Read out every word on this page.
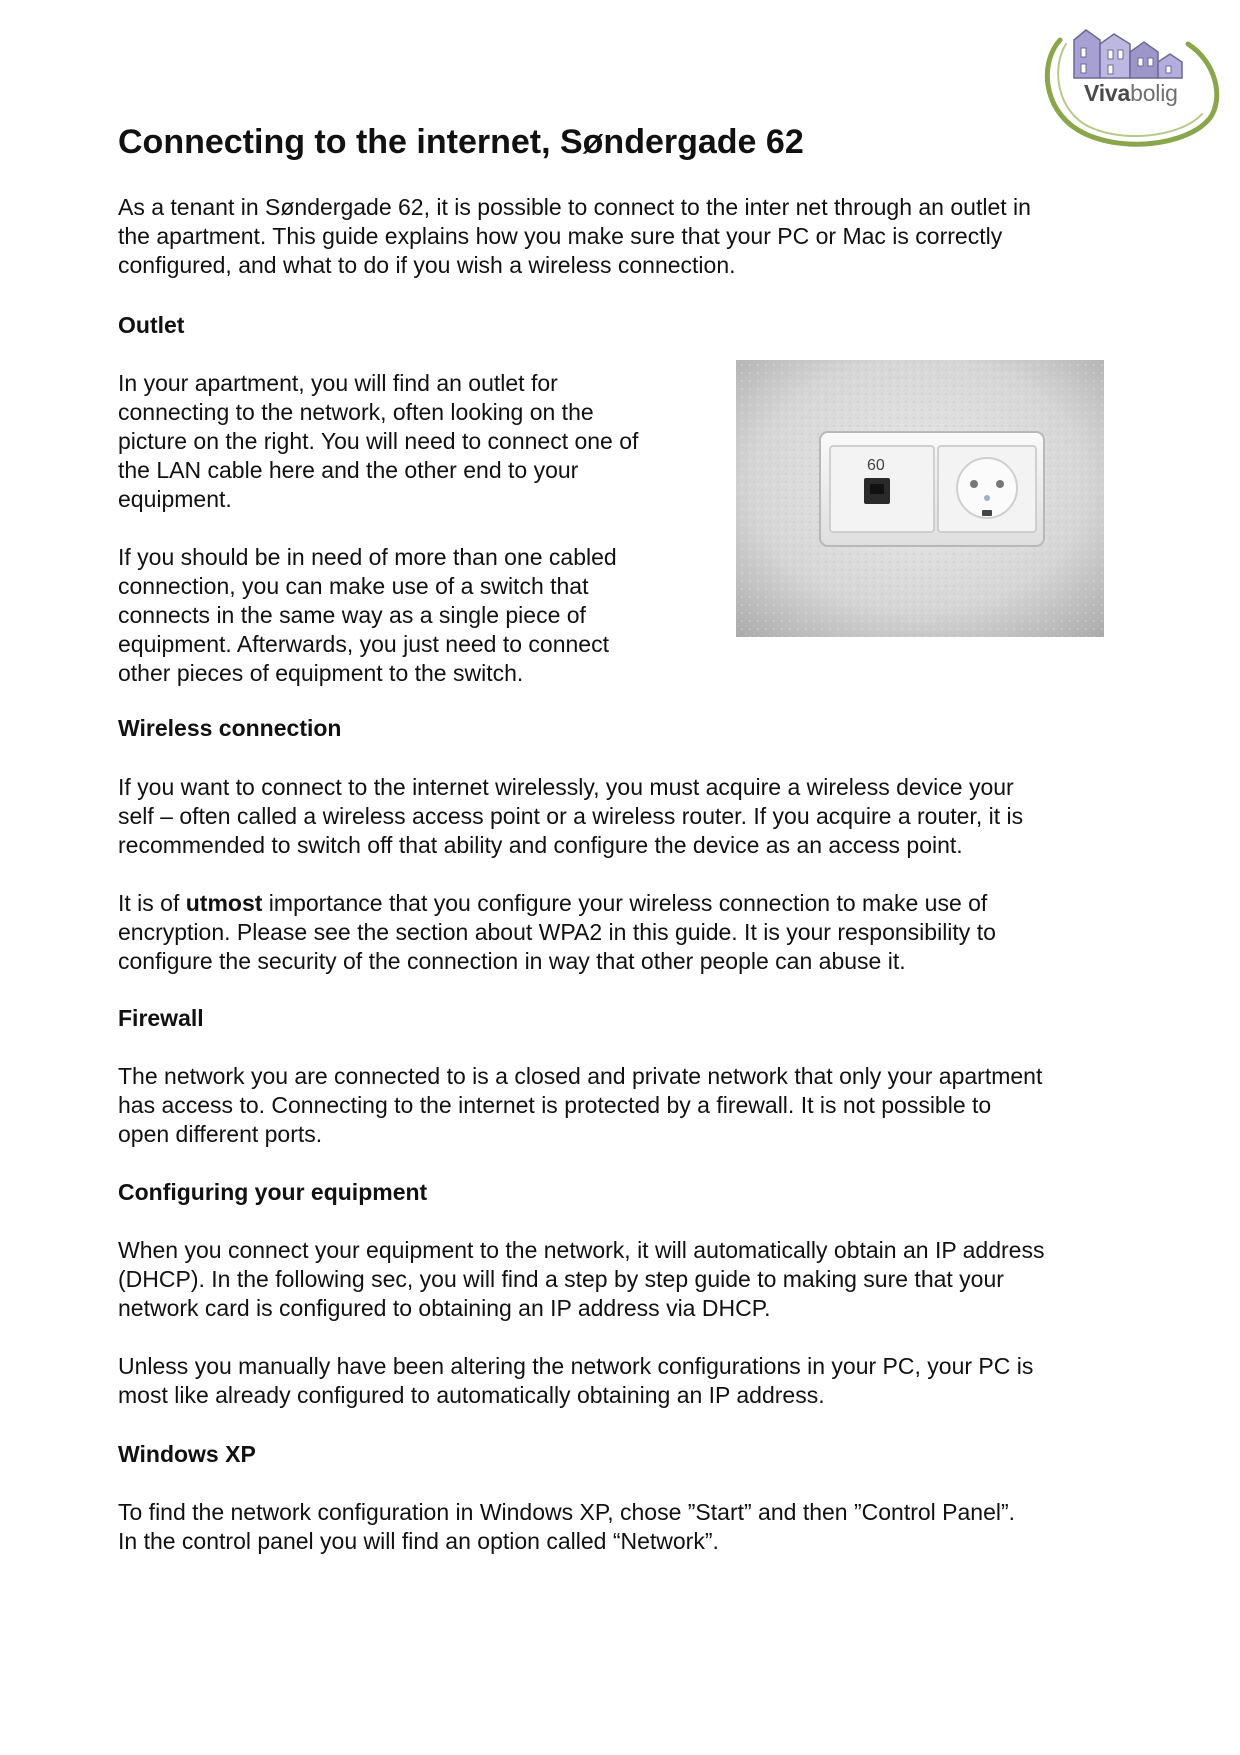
Vivabolig
Connecting to the internet, Søndergade 62

As a tenant in Søndergade 62, it is possible to connect to the inter net through an outlet in
the apartment. This guide explains how you make sure that your PC or Mac is correctly
configured, and what to do if you wish a wireless connection.

Outlet

In your apartment, you will find an outlet for
connecting to the network, often looking on the
picture on the right. You will need to connect one of
the LAN cable here and the other end to your
equipment.

If you should be in need of more than one cabled
connection, you can make use of a switch that
connects in the same way as a single piece of
equipment. Afterwards, you just need to connect
other pieces of equipment to the switch.

60
Wireless connection

If you want to connect to the internet wirelessly, you must acquire a wireless device your
self – often called a wireless access point or a wireless router. If you acquire a router, it is
recommended to switch off that ability and configure the device as an access point.

It is of utmost importance that you configure your wireless connection to make use of
encryption. Please see the section about WPA2 in this guide. It is your responsibility to
configure the security of the connection in way that other people can abuse it.

Firewall

The network you are connected to is a closed and private network that only your apartment
has access to. Connecting to the internet is protected by a firewall. It is not possible to
open different ports.

Configuring your equipment

When you connect your equipment to the network, it will automatically obtain an IP address
(DHCP). In the following sec, you will find a step by step guide to making sure that your
network card is configured to obtaining an IP address via DHCP.

Unless you manually have been altering the network configurations in your PC, your PC is
most like already configured to automatically obtaining an IP address.

Windows XP

To find the network configuration in Windows XP, chose ”Start” and then ”Control Panel”.
In the control panel you will find an option called “Network”.
